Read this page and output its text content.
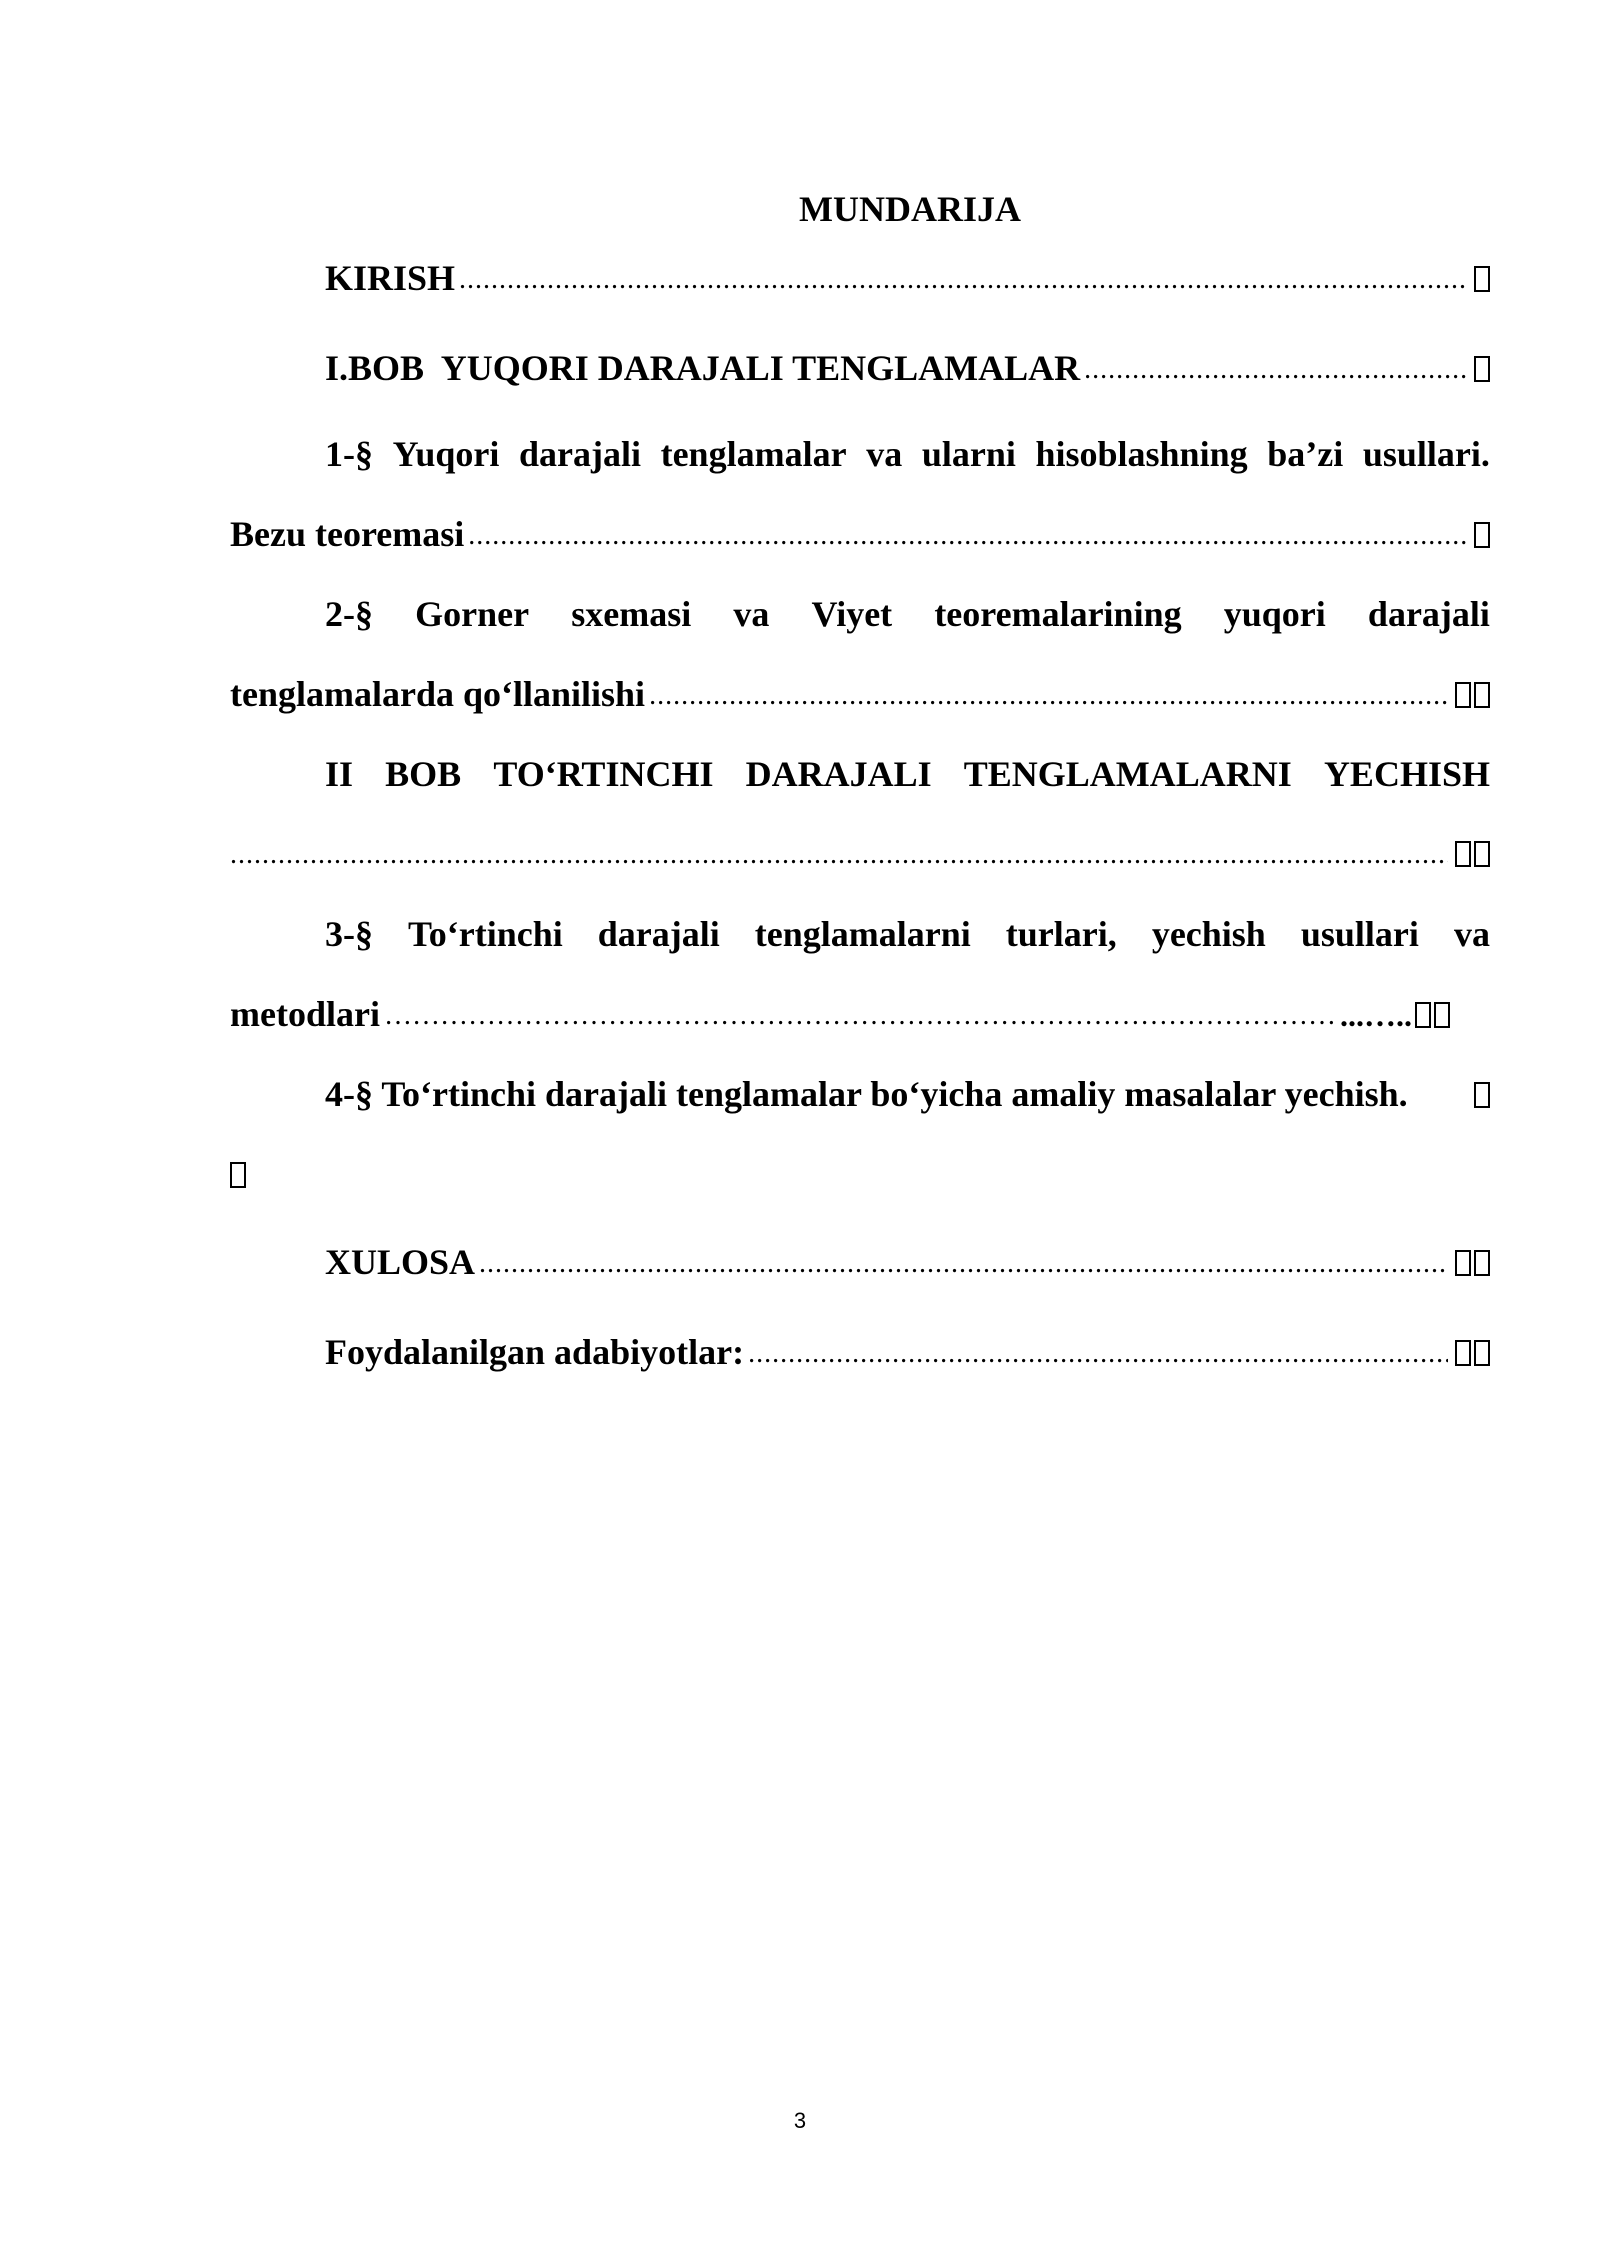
MUNDARIJA
KIRISH
.....
I.BOB  YUQORI DARAJALI TENGLAMALAR
.....
1-§ Yuqori darajali tenglamalar va ularni hisoblashning ba’zi usullari.
Bezu teoremasi
.....
2-§ Gorner sxemasi va Viyet teoremalarining yuqori darajali
tenglamalarda qo‘llanilishi
.....
II BOB TO‘RTINCHI DARAJALI TENGLAMALARNI YECHISH
.....
3-§ To‘rtinchi darajali tenglamalarni turlari, yechish usullari va
metodlari
…………………………………………………………………………………………………………………………………………………………	...…..
4-§ To‘rtinchi darajali tenglamalar bo‘yicha amaliy masalalar yechish.
XULOSA
.....
Foydalanilgan adabiyotlar:
.....
3
